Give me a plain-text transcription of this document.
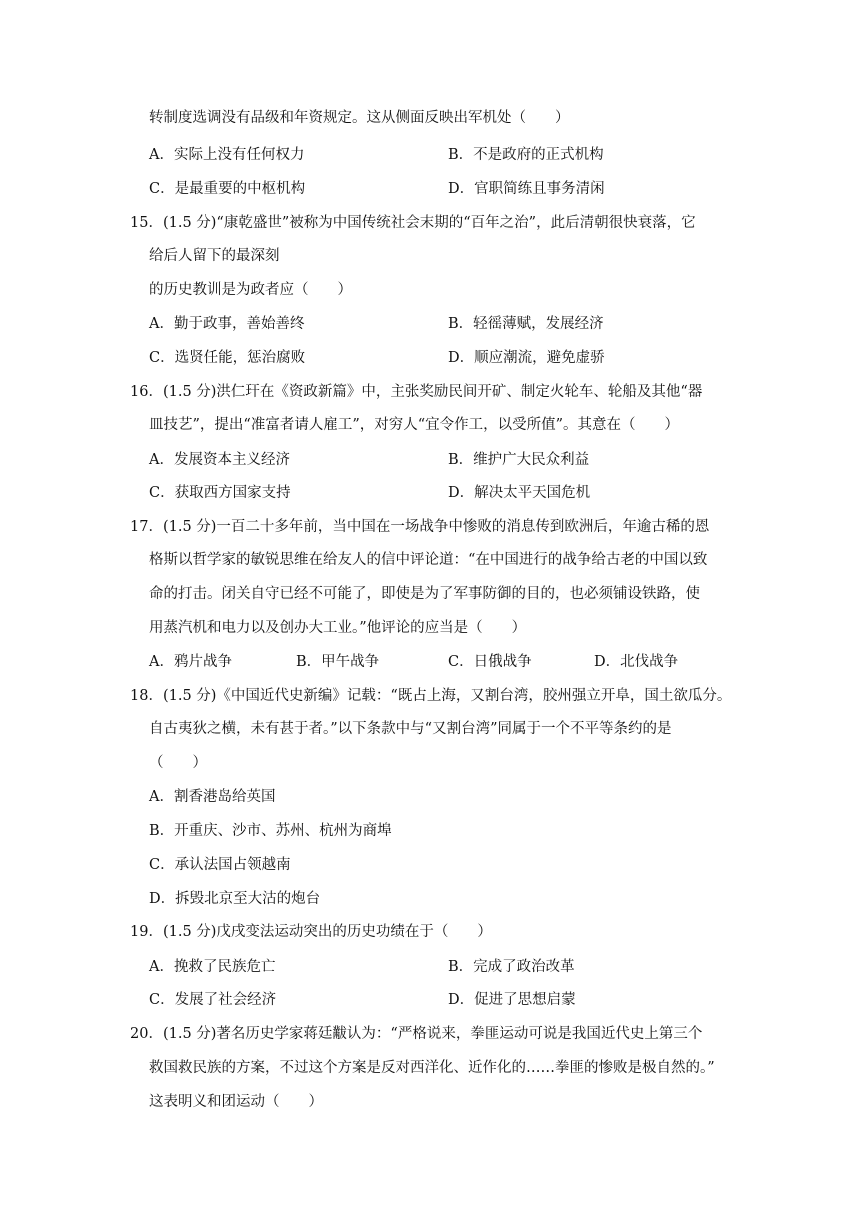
转制度选调没有品级和年资规定。这从侧面反映出军机处（　　）
A．实际上没有任何权力	B．不是政府的正式机构
C．是最重要的中枢机构	D．官职简练且事务清闲
15．(1.5 分)“康乾盛世”被称为中国传统社会末期的“百年之治”，此后清朝很快衰落，它
给后人留下的最深刻
的历史教训是为政者应（　　）
A．勤于政事，善始善终	B．轻徭薄赋，发展经济
C．选贤任能，惩治腐败	D．顺应潮流，避免虚骄
16．(1.5 分)洪仁玕在《资政新篇》中，主张奖励民间开矿、制定火轮车、轮船及其他“器
皿技艺”，提出“准富者请人雇工”，对穷人“宜令作工，以受所值”。其意在（　　）
A．发展资本主义经济	B．维护广大民众利益
C．获取西方国家支持	D．解决太平天国危机
17．(1.5 分)一百二十多年前，当中国在一场战争中惨败的消息传到欧洲后，年逾古稀的恩
格斯以哲学家的敏锐思维在给友人的信中评论道：“在中国进行的战争给古老的中国以致
命的打击。闭关自守已经不可能了，即使是为了军事防御的目的，也必须铺设铁路，使
用蒸汽机和电力以及创办大工业。”他评论的应当是（　　）
A．鸦片战争	B．甲午战争	C．日俄战争	D．北伐战争
18．(1.5 分)《中国近代史新编》记载：“既占上海，又割台湾，胶州强立开阜，国土欲瓜分。
自古夷狄之横，未有甚于者。”以下条款中与“又割台湾”同属于一个不平等条约的是
（　　）
A．割香港岛给英国
B．开重庆、沙市、苏州、杭州为商埠
C．承认法国占领越南
D．拆毁北京至大沽的炮台
19．(1.5 分)戊戌变法运动突出的历史功绩在于（　　）
A．挽救了民族危亡	B．完成了政治改革
C．发展了社会经济	D．促进了思想启蒙
20．(1.5 分)著名历史学家蒋廷黻认为：“严格说来，拳匪运动可说是我国近代史上第三个
救国救民族的方案，不过这个方案是反对西洋化、近作化的……拳匪的惨败是极自然的。”
这表明义和团运动（　　）
